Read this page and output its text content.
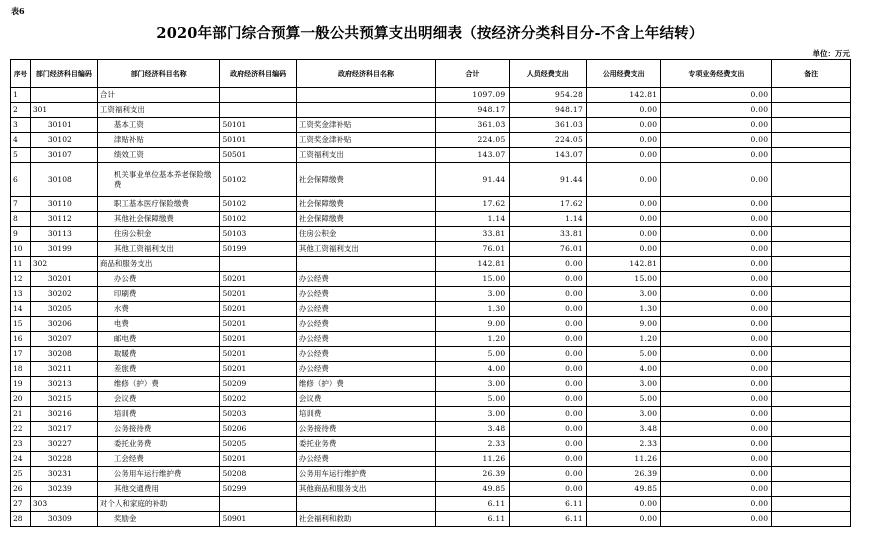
表6
2020年部门综合预算一般公共预算支出明细表（按经济分类科目分-不含上年结转）
单位：万元
序号	部门经济科目编码	部门经济科目名称	政府经济科目编码	政府经济科目名称	合计	人员经费支出	公用经费支出	专项业务经费支出	备注
1		合计			1097.09	954.28	142.81	0.00	
2	301	工资福利支出			948.17	948.17	0.00	0.00	
3	30101	基本工资	50101	工资奖金津补贴	361.03	361.03	0.00	0.00	
4	30102	津贴补贴	50101	工资奖金津补贴	224.05	224.05	0.00	0.00	
5	30107	绩效工资	50501	工资福利支出	143.07	143.07	0.00	0.00	
6	30108	机关事业单位基本养老保险缴费	50102	社会保障缴费	91.44	91.44	0.00	0.00	
7	30110	职工基本医疗保险缴费	50102	社会保障缴费	17.62	17.62	0.00	0.00	
8	30112	其他社会保障缴费	50102	社会保障缴费	1.14	1.14	0.00	0.00	
9	30113	住房公积金	50103	住房公积金	33.81	33.81	0.00	0.00	
10	30199	其他工资福利支出	50199	其他工资福利支出	76.01	76.01	0.00	0.00	
11	302	商品和服务支出			142.81	0.00	142.81	0.00	
12	30201	办公费	50201	办公经费	15.00	0.00	15.00	0.00	
13	30202	印刷费	50201	办公经费	3.00	0.00	3.00	0.00	
14	30205	水费	50201	办公经费	1.30	0.00	1.30	0.00	
15	30206	电费	50201	办公经费	9.00	0.00	9.00	0.00	
16	30207	邮电费	50201	办公经费	1.20	0.00	1.20	0.00	
17	30208	取暖费	50201	办公经费	5.00	0.00	5.00	0.00	
18	30211	差旅费	50201	办公经费	4.00	0.00	4.00	0.00	
19	30213	维修（护）费	50209	维修（护）费	3.00	0.00	3.00	0.00	
20	30215	会议费	50202	会议费	5.00	0.00	5.00	0.00	
21	30216	培训费	50203	培训费	3.00	0.00	3.00	0.00	
22	30217	公务接待费	50206	公务接待费	3.48	0.00	3.48	0.00	
23	30227	委托业务费	50205	委托业务费	2.33	0.00	2.33	0.00	
24	30228	工会经费	50201	办公经费	11.26	0.00	11.26	0.00	
25	30231	公务用车运行维护费	50208	公务用车运行维护费	26.39	0.00	26.39	0.00	
26	30239	其他交通费用	50299	其他商品和服务支出	49.85	0.00	49.85	0.00	
27	303	对个人和家庭的补助			6.11	6.11	0.00	0.00	
28	30309	奖励金	50901	社会福利和救助	6.11	6.11	0.00	0.00	
